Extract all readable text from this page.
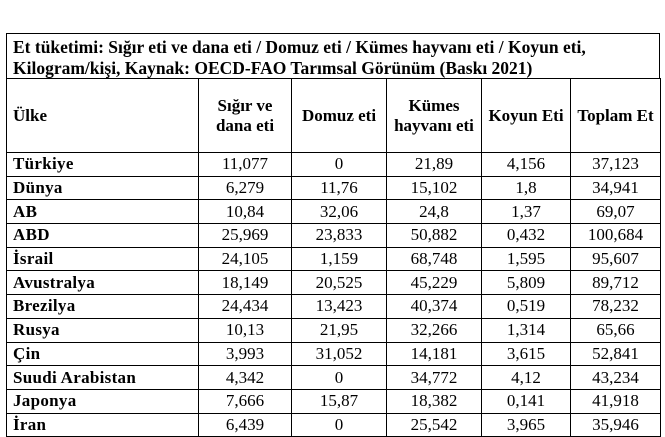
Et tüketimi: Sığır eti ve dana eti / Domuz eti / Kümes hayvanı eti / Koyun eti, Kilogram/kişi, Kaynak: OECD-FAO Tarımsal Görünüm (Baskı 2021)
Ülke	Sığır ve dana eti	Domuz eti	Kümes hayvanı eti	Koyun Eti	Toplam Et
Türkiye	11,077	0	21,89	4,156	37,123
Dünya	6,279	11,76	15,102	1,8	34,941
AB	10,84	32,06	24,8	1,37	69,07
ABD	25,969	23,833	50,882	0,432	100,684
İsrail	24,105	1,159	68,748	1,595	95,607
Avustralya	18,149	20,525	45,229	5,809	89,712
Brezilya	24,434	13,423	40,374	0,519	78,232
Rusya	10,13	21,95	32,266	1,314	65,66
Çin	3,993	31,052	14,181	3,615	52,841
Suudi Arabistan	4,342	0	34,772	4,12	43,234
Japonya	7,666	15,87	18,382	0,141	41,918
İran	6,439	0	25,542	3,965	35,946
